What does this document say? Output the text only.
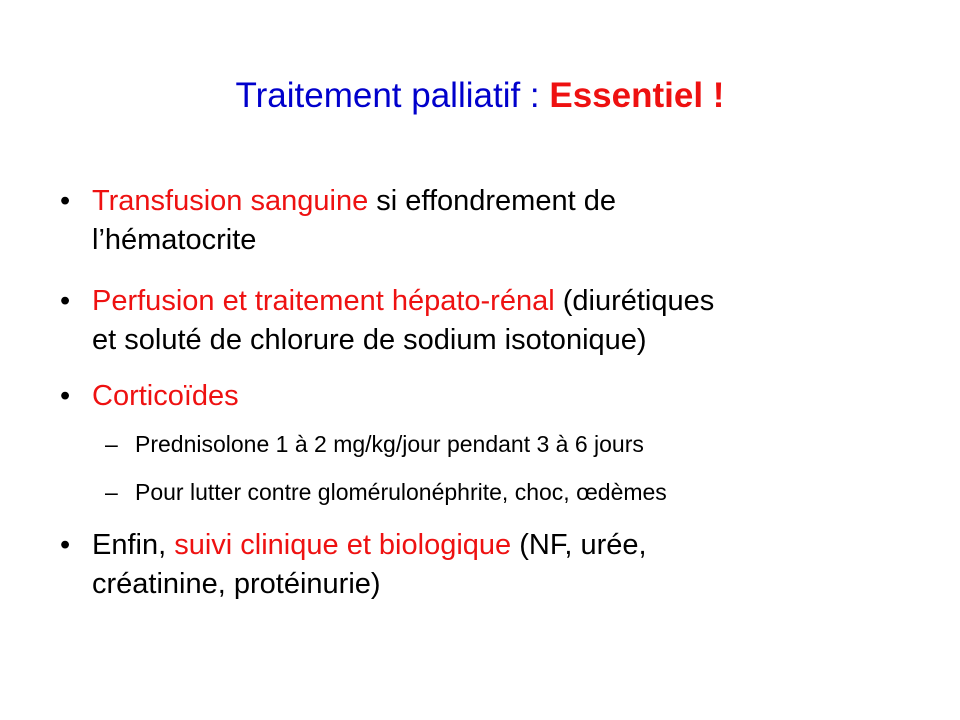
Traitement palliatif : Essentiel !
• Transfusion sanguine si effondrement de
l’hématocrite
• Perfusion et traitement hépato-rénal (diurétiques
et soluté de chlorure de sodium isotonique)
• Corticoïdes
– Prednisolone 1 à 2 mg/kg/jour pendant 3 à 6 jours
– Pour lutter contre glomérulonéphrite, choc, œdèmes
• Enfin, suivi clinique et biologique (NF, urée,
créatinine, protéinurie)
